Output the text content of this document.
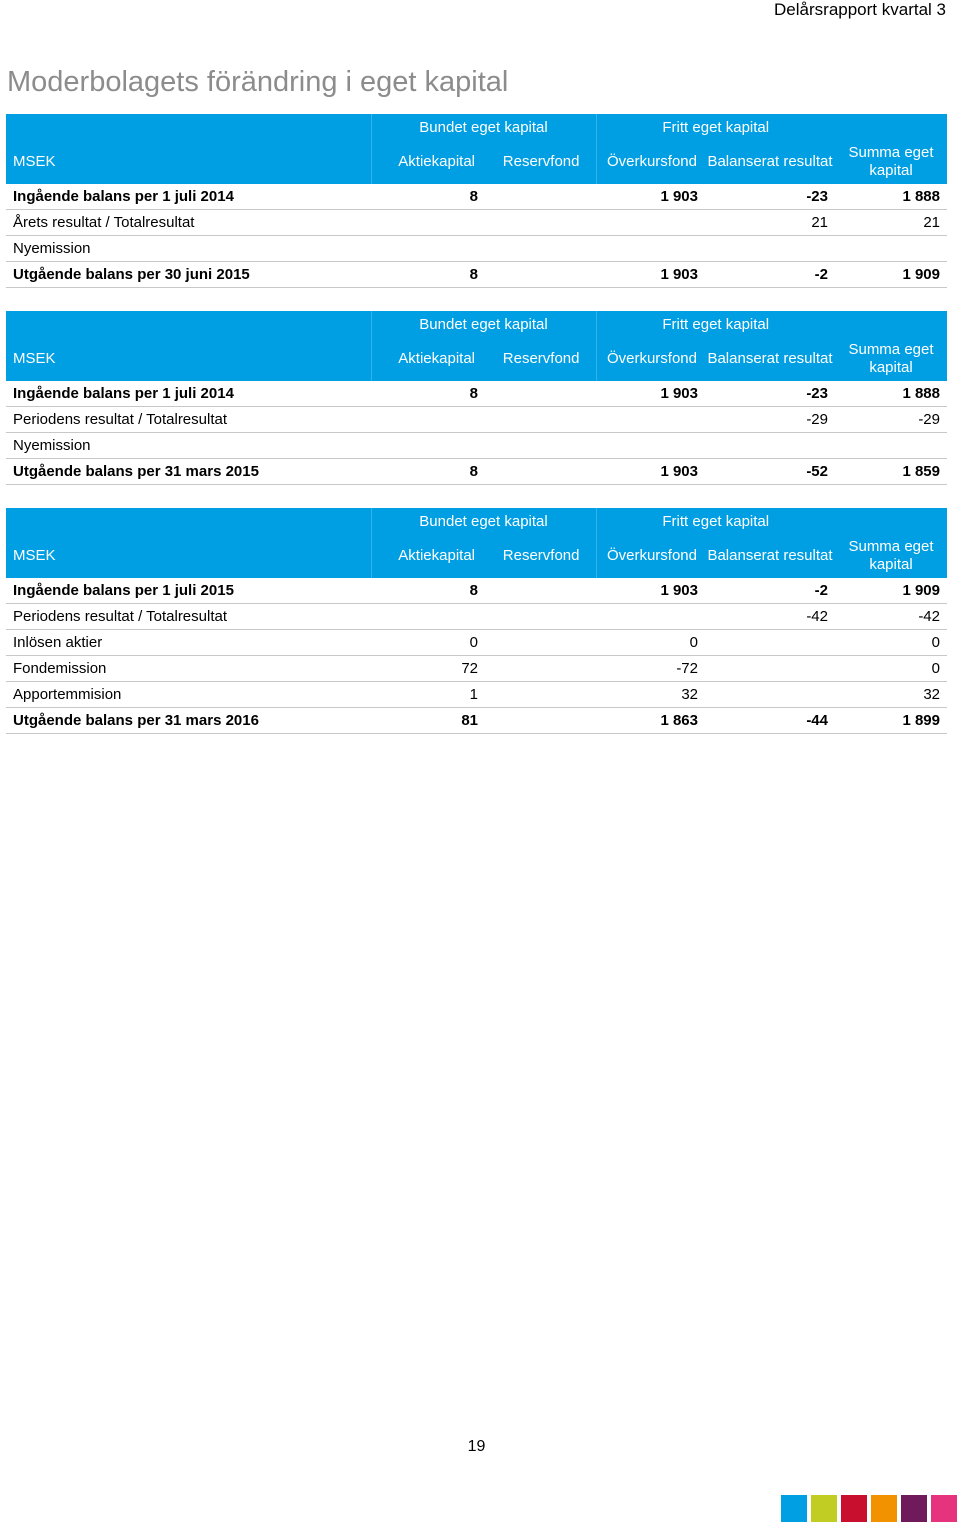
Delårsrapport kvartal 3
Moderbolagets förändring i eget kapital
	Bundet eget kapital		Fritt eget kapital		
MSEK	Aktiekapital	Reservfond	Överkursfond	Balanserat resultat	Summa eget kapital
Ingående balans per 1 juli 2014	8		1 903	-23	1 888
Årets resultat / Totalresultat				21	21
Nyemission					
Utgående balans per 30 juni 2015	8		1 903	-2	1 909
	Bundet eget kapital		Fritt eget kapital		
MSEK	Aktiekapital	Reservfond	Överkursfond	Balanserat resultat	Summa eget kapital
Ingående balans per 1 juli 2014	8		1 903	-23	1 888
Periodens resultat / Totalresultat				-29	-29
Nyemission					
Utgående balans per 31 mars 2015	8		1 903	-52	1 859
	Bundet eget kapital		Fritt eget kapital		
MSEK	Aktiekapital	Reservfond	Överkursfond	Balanserat resultat	Summa eget kapital
Ingående balans per 1 juli 2015	8		1 903	-2	1 909
Periodens resultat / Totalresultat				-42	-42
Inlösen aktier	0		0		0
Fondemission	72		-72		0
Apportemmision	1		32		32
Utgående balans per 31 mars 2016	81		1 863	-44	1 899
19
